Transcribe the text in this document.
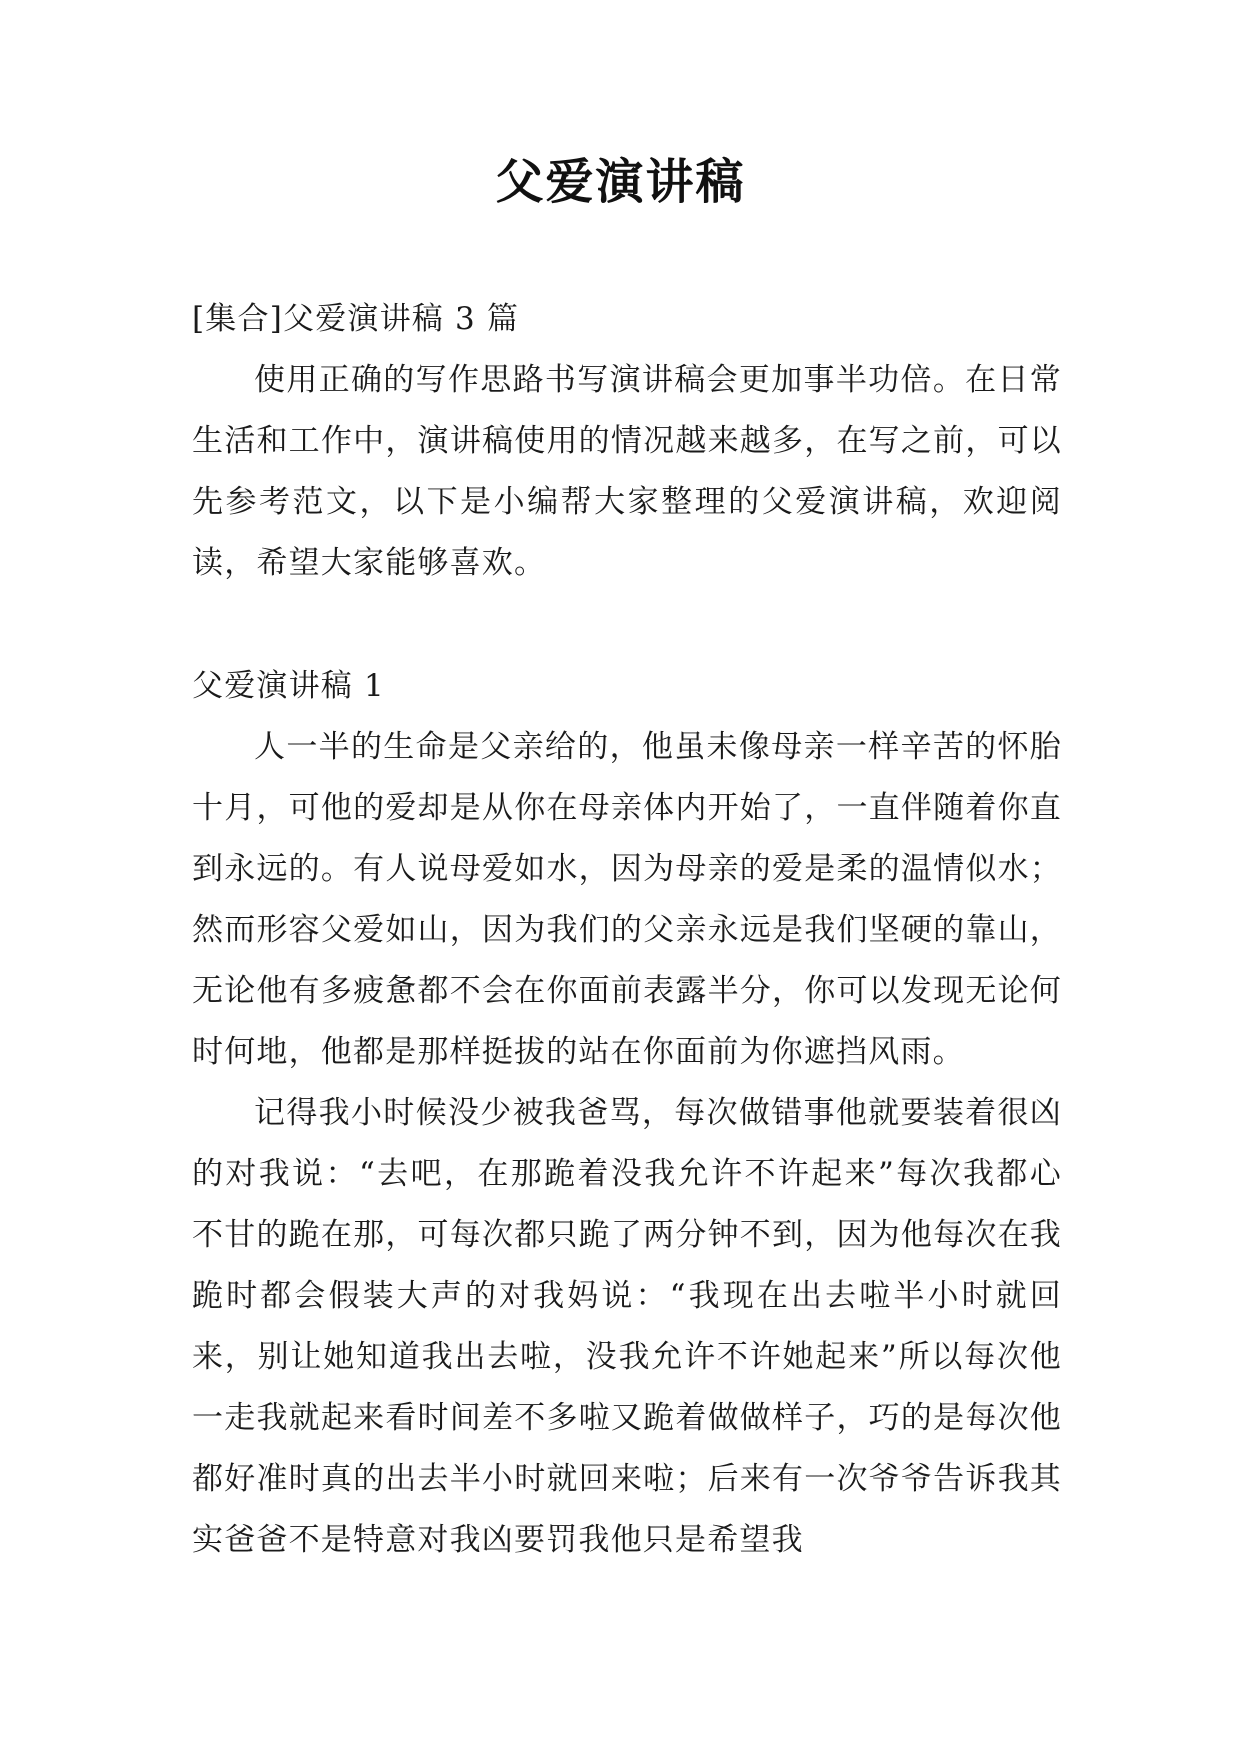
父爱演讲稿

[集合]父爱演讲稿 3 篇

使用正确的写作思路书写演讲稿会更加事半功倍。在日常生活和工作中，演讲稿使用的情况越来越多，在写之前，可以先参考范文，以下是小编帮大家整理的父爱演讲稿，欢迎阅读，希望大家能够喜欢。

父爱演讲稿 1

人一半的生命是父亲给的，他虽未像母亲一样辛苦的怀胎十月，可他的爱却是从你在母亲体内开始了，一直伴随着你直到永远的。有人说母爱如水，因为母亲的爱是柔的温情似水；然而形容父爱如山，因为我们的父亲永远是我们坚硬的靠山，无论他有多疲惫都不会在你面前表露半分，你可以发现无论何时何地，他都是那样挺拔的站在你面前为你遮挡风雨。

记得我小时候没少被我爸骂，每次做错事他就要装着很凶的对我说：“去吧，在那跪着没我允许不许起来”每次我都心不甘的跪在那，可每次都只跪了两分钟不到，因为他每次在我跪时都会假装大声的对我妈说：“我现在出去啦半小时就回来，别让她知道我出去啦，没我允许不许她起来”所以每次他一走我就起来看时间差不多啦又跪着做做样子，巧的是每次他都好准时真的出去半小时就回来啦；后来有一次爷爷告诉我其实爸爸不是特意对我凶要罚我他只是希望我
